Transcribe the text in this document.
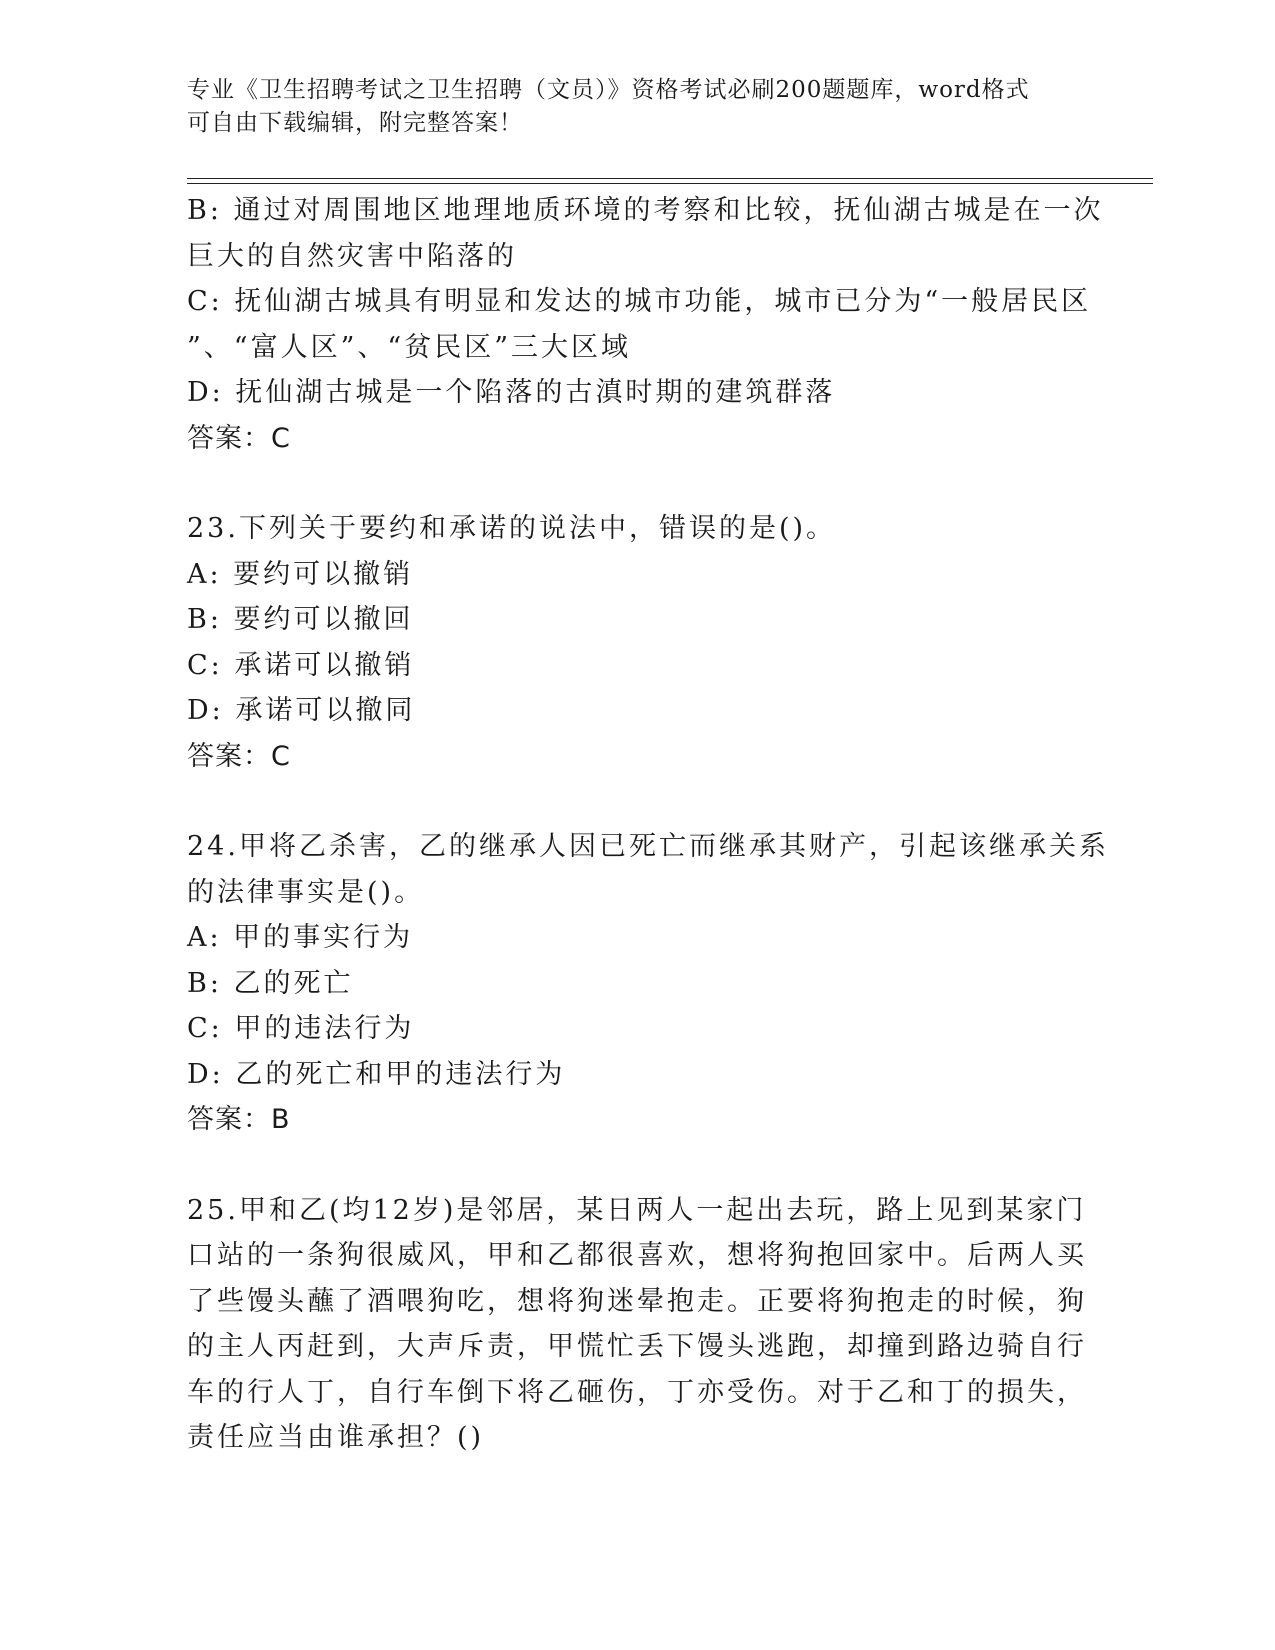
专业《卫生招聘考试之卫生招聘（文员）》资格考试必刷200题题库，word格式
可自由下载编辑，附完整答案！
B: 通过对周围地区地理地质环境的考察和比较，抚仙湖古城是在一次
巨大的自然灾害中陷落的
C: 抚仙湖古城具有明显和发达的城市功能，城市已分为“一般居民区
”、“富人区”、“贫民区”三大区域
D: 抚仙湖古城是一个陷落的古滇时期的建筑群落
答案：C
23.下列关于要约和承诺的说法中，错误的是()。
A: 要约可以撤销
B: 要约可以撤回
C: 承诺可以撤销
D: 承诺可以撤同
答案：C
24.甲将乙杀害，乙的继承人因已死亡而继承其财产，引起该继承关系
的法律事实是()。
A: 甲的事实行为
B: 乙的死亡
C: 甲的违法行为
D: 乙的死亡和甲的违法行为
答案：B
25.甲和乙(均12岁)是邻居，某日两人一起出去玩，路上见到某家门
口站的一条狗很威风，甲和乙都很喜欢，想将狗抱回家中。后两人买
了些馒头蘸了酒喂狗吃，想将狗迷晕抱走。正要将狗抱走的时候，狗
的主人丙赶到，大声斥责，甲慌忙丢下馒头逃跑，却撞到路边骑自行
车的行人丁，自行车倒下将乙砸伤，丁亦受伤。对于乙和丁的损失，
责任应当由谁承担？()
